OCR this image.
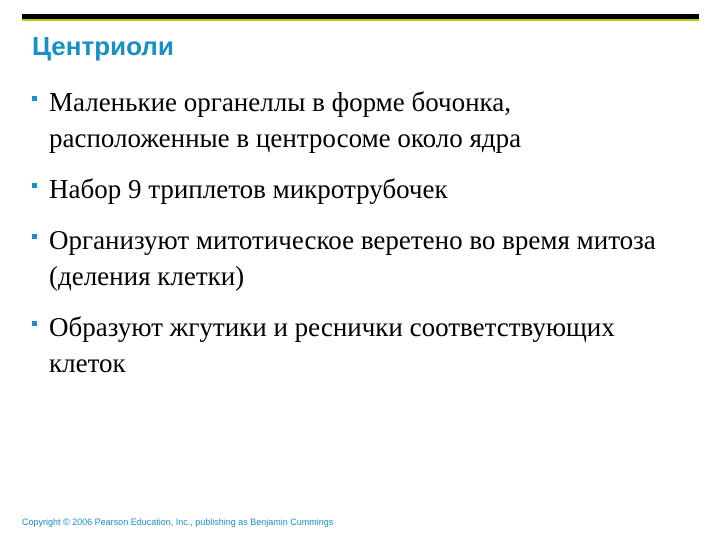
Центриоли
Маленькие органеллы в форме бочонка, расположенные в центросоме около ядра
Набор 9 триплетов микротрубочек
Организуют митотическое веретено во время митоза (деления клетки)
Образуют жгутики и реснички соответствующих клеток

Copyright © 2006 Pearson Education, Inc., publishing as Benjamin Cummings
